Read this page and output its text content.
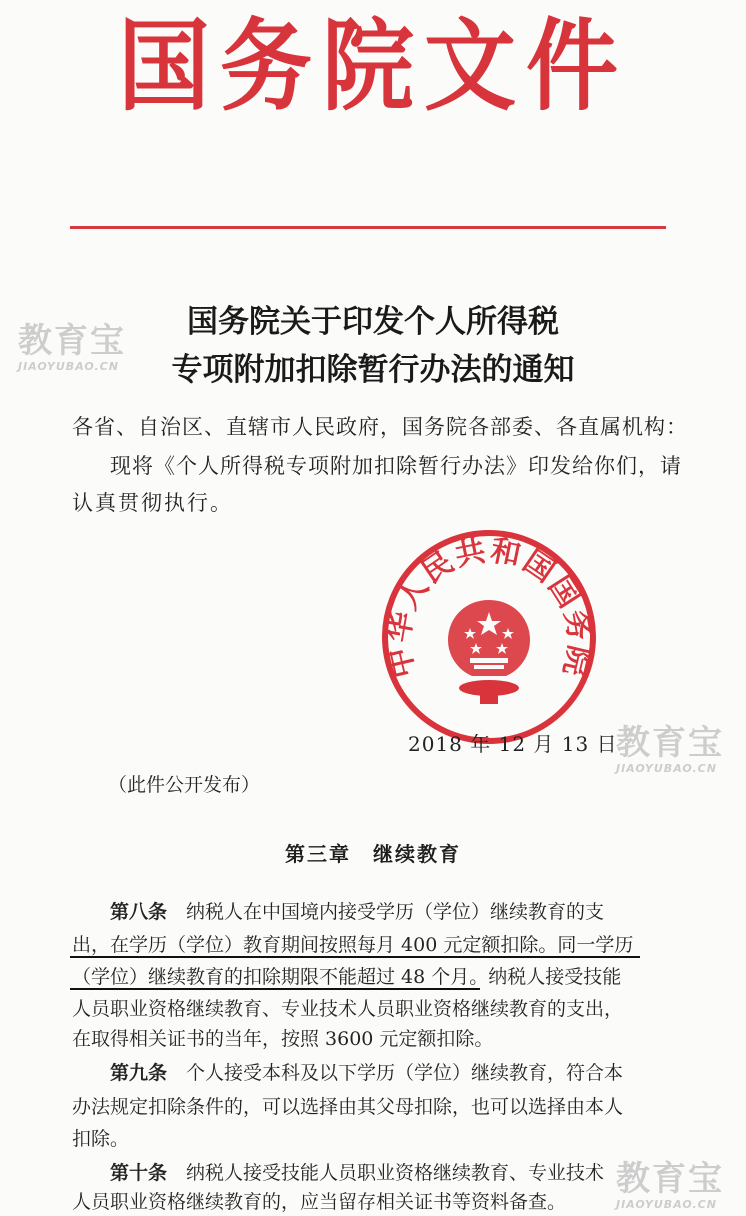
国务院文件
国务院关于印发个人所得税
专项附加扣除暂行办法的通知
各省、自治区、直辖市人民政府，国务院各部委、各直属机构：
现将《个人所得税专项附加扣除暂行办法》印发给你们，请
认真贯彻执行。
中华人民共和国国务院
2018 年 12 月 13 日
（此件公开发布）
第三章　继续教育
第八条　 纳税人在中国境内接受学历（学位）继续教育的支
出，在学历（学位）教育期间按照每月 400 元定额扣除。同一学历
（学位）继续教育的扣除期限不能超过 48 个月。纳税人接受技能
人员职业资格继续教育、专业技术人员职业资格继续教育的支出，
在取得相关证书的当年，按照 3600 元定额扣除。
第九条　 个人接受本科及以下学历（学位）继续教育，符合本
办法规定扣除条件的，可以选择由其父母扣除，也可以选择由本人
扣除。
第十条　 纳税人接受技能人员职业资格继续教育、专业技术
人员职业资格继续教育的，应当留存相关证书等资料备查。
教育宝
JIAOYUBAO.CN
教育宝
JIAOYUBAO.CN
教育宝
JIAOYUBAO.CN
